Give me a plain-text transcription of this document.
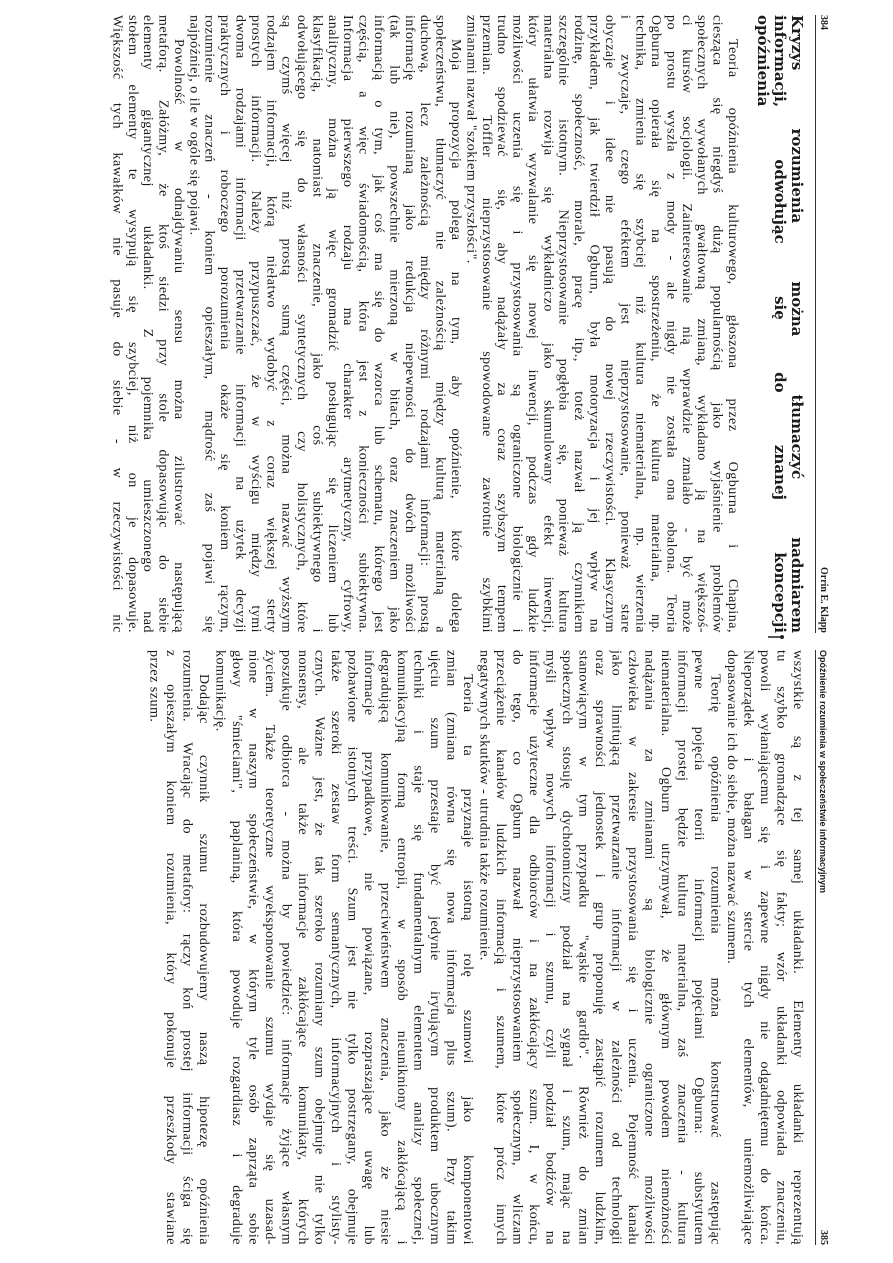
384
Orrin E. Klapp
Kryzys rozumienia można tłumaczyć nadmiarem
informacji, odwołując się do znanej koncepcji
opóźnienia
Teoria opóźnienia kulturowego, głoszona przez Ogburna i Chapina,
ciesząca się niegdyś dużą popularnością jako wyjaśnienie problemów
społecznych wywołanych gwałtowną zmianą, wykładano ją na większoś-
ci kursów socjologii. Zainteresowanie nią wprawdzie zmalało - być może
po prostu wyszła z mody - ale nigdy nie została ona obalona. Teoria
Ogburna opierała się na spostrzeżeniu, że kultura materialna, np.
technika, zmienia się szybciej niż kultura niematerialna, np. wierzenia
i zwyczaje, czego efektem jest nieprzystosowanie, ponieważ stare
obyczaje i idee nie pasują do nowej rzeczywistości. Klasycznym
przykładem, jak twierdził Ogburn, była motoryzacja i jej wpływ na
rodzinę, społeczność, morale, pracę itp., toteż nazwał ją czynnikiem
szczególnie istotnym. Nieprzystosowanie pogłębia się, ponieważ kultura
materialna rozwija się wykładniczo jako skumulowany efekt inwencji,
który ułatwia wyzwalanie się nowej inwencji, podczas gdy ludzkie
możliwości uczenia się i przystosowania są ograniczone biologicznie i
trudno spodziewać się, aby nadążały za coraz szybszym tempem
przemian. Toffler nieprzystosowanie spowodowane zawrotnie szybkimi
zmianami nazwał "szokiem przyszłości".
Moja propozycja polega na tym, aby opóźnienie, które dolega
społeczeństwu, tłumaczyć nie zależnością między kulturą materialną a
duchową, lecz zależnością między różnymi rodzajami informacji: prostą
informację rozumianą jako redukcja niepewności do dwóch możliwości
(tak lub nie), powszechnie mierzoną w bitach, oraz znaczeniem jako
informacją o tym, jak coś ma się do wzorca lub schematu, którego jest
częścią, a więc świadomością, która jest z konieczności subiektywna.
Informacja pierwszego rodzaju ma charakter arytmetyczny, cyfrowy,
analityczny, można ją więc gromadzić posługując się liczeniem lub
klasyfikacją, natomiast znaczenie, jako coś subiektywnego i
odwołującego się do własności syntetycznych czy holistycznych, które
są czymś więcej niż prostą sumą części, można nazwać wyższym
rodzajem informacji, którą niełatwo wydobyć z coraz większej sterty
prostych informacji. Należy przypuszczać, że w wyścigu między tymi
dwoma rodzajami informacji przetwarzanie informacji na użytek decyzji
praktycznych i roboczego porozumienia okaże się koniem rączym,
rozumienie znaczeń - koniem opieszałym, mądrość zaś pojawi się
najpóźniej, o ile w ogóle się pojawi.
Powolność w odnajdywaniu sensu można zilustrować następującą
metaforą. Załóżmy, że ktoś siedzi przy stole dopasowując do siebie
elementy gigantycznej układanki. Z pojemnika umieszczonego nad
stołem elementy te wysypują się szybciej, niż on je dopasowuje.
Większość tych kawałków nie pasuje do siebie - w rzeczywistości nic
Opóźnienie rozumienia w społeczeństwie informacyjnym
385
wszystkie są z tej samej układanki. Elementy układanki reprezentują
tu szybko gromadzące się fakty; wzór układanki odpowiada znaczeniu,
powoli wyłaniającemu się i zapewne nigdy nie odgadniętemu do końca.
Nieporządek i bałagan w stercie tych elementów, uniemożliwiające
dopasowanie ich do siebie, można nazwać szumem.
Teorię opóźnienia rozumienia można konstruować zastępując
pewne pojęcia teorii informacji pojęciami Ogburna: substytutem
informacji prostej będzie kultura materialna, zaś znaczenia - kultura
niematerialna. Ogburn utrzymywał, że głównym powodem niemożności
nadążania za zmianami są biologicznie ograniczone możliwości
człowieka w zakresie przystosowania się i uczenia. Pojemność kanału
jako limitującą przetwarzanie informacji w zależności od technologii
oraz sprawności jednostek i grup proponuję zastąpić rozumem ludzkim,
stanowiącym w tym przypadku "wąskie gardło". Również do zmian
społecznych stosuję dychotomiczny podział na sygnał i szum, mając na
myśli wpływ nowych informacji i szumu, czyli podział bodźców na
informacje użyteczne dla odbiorców i na zakłócający szum. I, w końcu,
do tego, co Ogburn nazwał nieprzystosowaniem społecznym, wliczam
przeciążenie kanałów ludzkich informacją i szumem, które prócz innych
negatywnych skutków - utrudnia także rozumienie.
Teoria ta przyznaje istotną rolę szumowi jako komponentowi
zmian (zmiana równa się nowa informacja plus szum). Przy takim
ujęciu szum przestaje być jedynie irytującym produktem ubocznym
techniki i staje się fundamentalnym elementem analizy społecznej,
komunikacyjną formą entropii, w sposób nieunikniony zakłócającą i
degradującą komunikowanie, przeciwieństwem znaczenia, jako że niesie
informacje przypadkowe, nie powiązane, rozpraszające uwagę lub
pozbawione istotnych treści. Szum jest nie tylko postrzegany, obejmuje
także szeroki zestaw form semantycznych, informacyjnych i stylisty-
cznych. Ważne jest, że tak szeroko rozumiany szum obejmuje nie tylko
nonsensy, ale także informacje zakłócające komunikaty, których
poszukuje odbiorca - można by powiedzieć: informacje żyjące własnym
życiem. Także teoretyczne wyeksponowanie szumu wydaje się uzasad-
nione w naszym społeczeństwie, w którym tyle osób zaprząta sobie
głowy "śmieciami", paplaniną, która powoduje rozgardiasz i degraduje
komunikację.
Dodając czynnik szumu rozbudowujemy naszą hipotezę opóźnienia
rozumienia. Wracając do metafory: rączy koń prostej informacji ściga się
z opieszałym koniem rozumienia, który pokonuje przeszkody stawiane
przez szum.
